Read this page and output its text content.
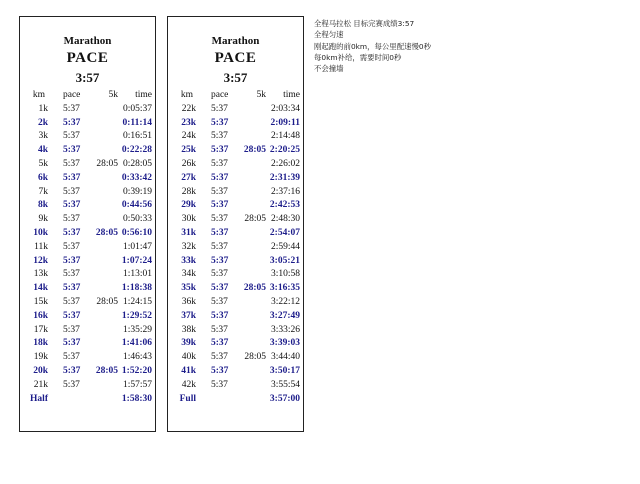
Marathon
PACE
3:57
km	pace	5k time
1k 5:37	0:05:37
2k 5:37	0:11:14
3k 5:37	0:16:51
4k 5:37	0:22:28
5k 5:37	28:05 0:28:05
6k 5:37	0:33:42
7k 5:37	0:39:19
8k 5:37	0:44:56
9k 5:37	0:50:33
10k 5:37	28:05 0:56:10
11k 5:37	1:01:47
12k 5:37	1:07:24
13k 5:37	1:13:01
14k 5:37	1:18:38
15k 5:37	28:05 1:24:15
16k 5:37	1:29:52
17k 5:37	1:35:29
18k 5:37	1:41:06
19k 5:37	1:46:43
20k 5:37	28:05 1:52:20
21k 5:37	1:57:57
Half	1:58:30
Marathon
PACE
3:57
km	pace	5k time
22k 5:37	2:03:34
23k 5:37	2:09:11
24k 5:37	2:14:48
25k 5:37	28:05 2:20:25
26k 5:37	2:26:02
27k 5:37	2:31:39
28k 5:37	2:37:16
29k 5:37	2:42:53
30k 5:37	28:05 2:48:30
31k 5:37	2:54:07
32k 5:37	2:59:44
33k 5:37	3:05:21
34k 5:37	3:10:58
35k 5:37	28:05 3:16:35
36k 5:37	3:22:12
37k 5:37	3:27:49
38k 5:37	3:33:26
39k 5:37	3:39:03
40k 5:37	28:05 3:44:40
41k 5:37	3:50:17
42k 5:37	3:55:54
Full	3:57:00
全程马拉松 目标完赛成绩3:57
全程匀速
刚起跑的前0km，每公里配速慢0秒
每0km补给，需要时间0秒
不会撞墙
